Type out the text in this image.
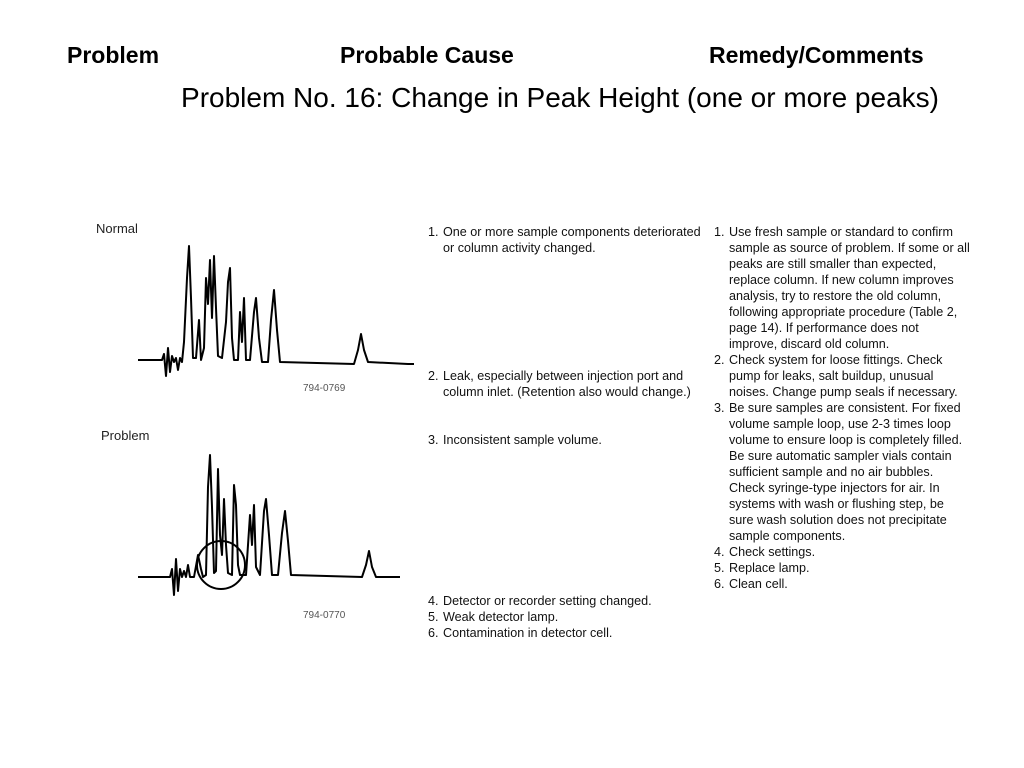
Problem	Probable Cause	Remedy/Comments
Problem No. 16: Change in Peak Height (one or more peaks)
Normal
794-0769
Problem
794-0770
1. One or more sample components deteriorated or column activity changed.
2. Leak, especially between injection port and column inlet. (Retention also would change.)
3. Inconsistent sample volume.
4. Detector or recorder setting changed.
5. Weak detector lamp.
6. Contamination in detector cell.
1. Use fresh sample or standard to confirm sample as source of problem. If some or all peaks are still smaller than expected, replace column. If new column improves analysis, try to restore the old column, following appropriate procedure (Table 2, page 14). If performance does not improve, discard old column.
2. Check system for loose fittings. Check pump for leaks, salt buildup, unusual noises. Change pump seals if necessary.
3. Be sure samples are consistent. For fixed volume sample loop, use 2-3 times loop volume to ensure loop is completely filled. Be sure automatic sampler vials contain sufficient sample and no air bubbles. Check syringe-type injectors for air. In systems with wash or flushing step, be sure wash solution does not precipitate sample components.
4. Check settings.
5. Replace lamp.
6. Clean cell.
